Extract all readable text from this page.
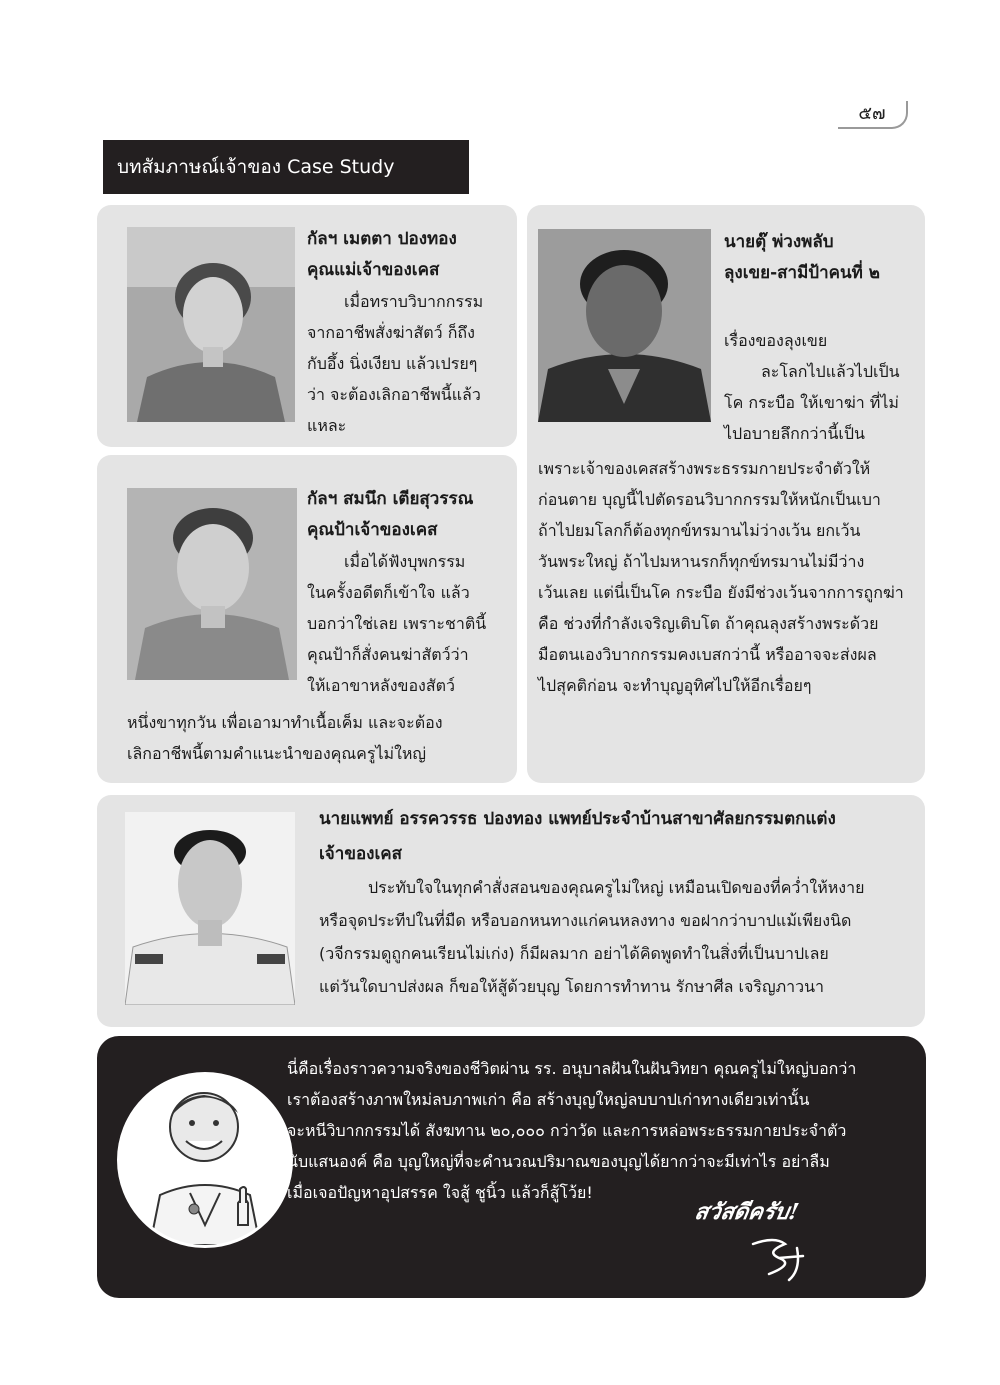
๕๗
บทสัมภาษณ์เจ้าของ Case Study
กัลฯ เมตตา ปองทอง
คุณแม่เจ้าของเคส

เมื่อทราบวิบากกรรม

จากอาชีพสั่งฆ่าสัตว์ ก็ถึง

กับอึ้ง นิ่งเงียบ แล้วเปรยๆ

ว่า จะต้องเลิกอาชีพนี้แล้ว

แหละ

กัลฯ สมนึก เตียสุวรรณ
คุณป้าเจ้าของเคส

เมื่อได้ฟังบุพกรรม

ในครั้งอดีตก็เข้าใจ แล้ว

บอกว่าใช่เลย เพราะชาตินี้

คุณป้าก็สั่งคนฆ่าสัตว์ว่า

ให้เอาขาหลังของสัตว์

หนึ่งขาทุกวัน เพื่อเอามาทำเนื้อเค็ม และจะต้อง

เลิกอาชีพนี้ตามคำแนะนำของคุณครูไม่ใหญ่

นายตุ๊ พ่วงพลับ
ลุงเขย-สามีป้าคนที่ ๒

เรื่องของลุงเขย

ละโลกไปแล้วไปเป็น

โค กระบือ ให้เขาฆ่า ที่ไม่

ไปอบายลึกกว่านี้เป็น

เพราะเจ้าของเคสสร้างพระธรรมกายประจำตัวให้

ก่อนตาย บุญนี้ไปตัดรอนวิบากกรรมให้หนักเป็นเบา

ถ้าไปยมโลกก็ต้องทุกข์ทรมานไม่ว่างเว้น ยกเว้น

วันพระใหญ่ ถ้าไปมหานรกก็ทุกข์ทรมานไม่มีว่าง

เว้นเลย แต่นี่เป็นโค กระบือ ยังมีช่วงเว้นจากการถูกฆ่า

คือ ช่วงที่กำลังเจริญเติบโต ถ้าคุณลุงสร้างพระด้วย

มือตนเองวิบากกรรมคงเบสกว่านี้ หรืออาจจะส่งผล

ไปสุคติก่อน จะทำบุญอุทิศไปให้อีกเรื่อยๆ

นายแพทย์ อรรควรรธ ปองทอง แพทย์ประจำบ้านสาขาศัลยกรรมตกแต่ง
เจ้าของเคส

ประทับใจในทุกคำสั่งสอนของคุณครูไม่ใหญ่ เหมือนเปิดของที่คว่ำให้หงาย

หรือจุดประทีปในที่มืด หรือบอกหนทางแก่คนหลงทาง ขอฝากว่าบาปแม้เพียงนิด

(วจีกรรมดูถูกคนเรียนไม่เก่ง) ก็มีผลมาก อย่าได้คิดพูดทำในสิ่งที่เป็นบาปเลย

แต่วันใดบาปส่งผล ก็ขอให้สู้ด้วยบุญ โดยการทำทาน รักษาศีล เจริญภาวนา

นี่คือเรื่องราวความจริงของชีวิตผ่าน รร. อนุบาลฝันในฝันวิทยา คุณครูไม่ใหญ่บอกว่า

เราต้องสร้างภาพใหม่ลบภาพเก่า คือ สร้างบุญใหญ่ลบบาปเก่าทางเดียวเท่านั้น

จะหนีวิบากกรรมได้ สังฆทาน ๒๐,๐๐๐ กว่าวัด และการหล่อพระธรรมกายประจำตัว

นับแสนองค์ คือ บุญใหญ่ที่จะคำนวณปริมาณของบุญได้ยากว่าจะมีเท่าไร อย่าลืม

เมื่อเจอปัญหาอุปสรรค ใจสู้ ชูนิ้ว แล้วก็สู้โว้ย!

สวัสดีครับ!
